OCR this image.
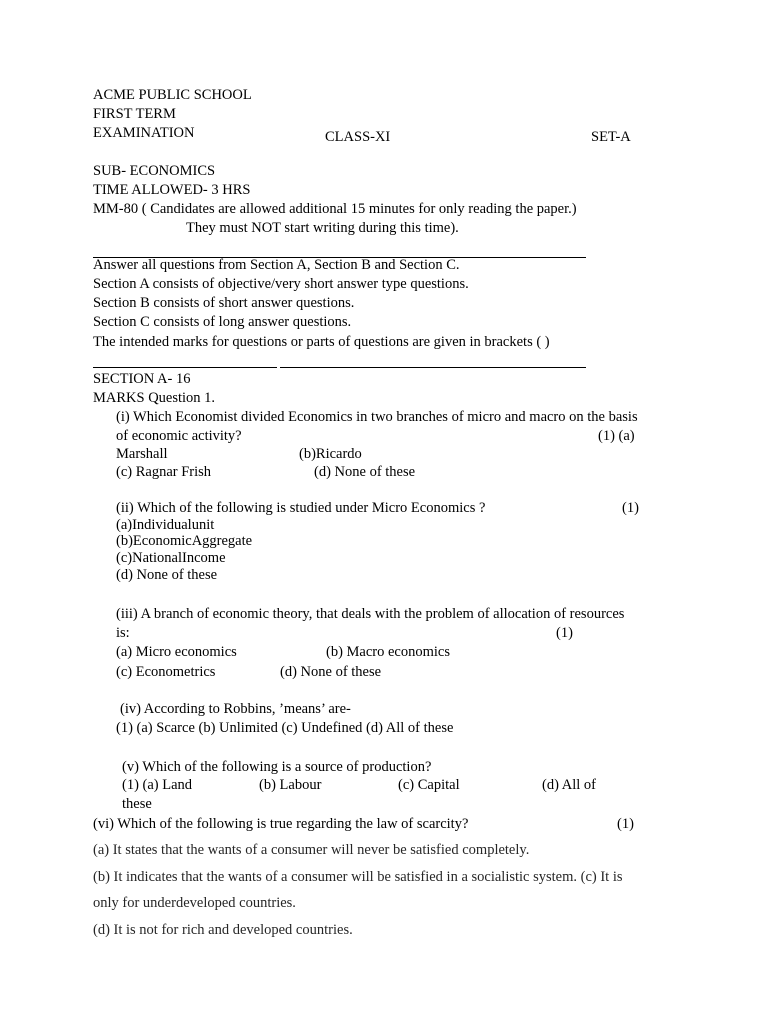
ACME PUBLIC SCHOOL
FIRST TERM
EXAMINATION	CLASS-XI	SET-A
SUB- ECONOMICS
TIME ALLOWED- 3 HRS
MM-80 ( Candidates are allowed additional 15 minutes for only reading the paper.)
They must NOT start writing during this time).
Answer all questions from Section A, Section B and Section C.
Section A consists of objective/very short answer type questions.
Section B consists of short answer questions.
Section C consists of long answer questions.
The intended marks for questions or parts of questions are given in brackets ( )
SECTION A- 16
MARKS Question 1.
(i) Which Economist divided Economics in two branches of micro and macro on the basis
of economic activity?	(1) (a)
Marshall	(b)Ricardo
(c) Ragnar Frish	(d) None of these
(ii) Which of the following is studied under Micro Economics ?	(1)
(a)Individualunit
(b)EconomicAggregate
(c)NationalIncome
(d) None of these
(iii) A branch of economic theory, that deals with the problem of allocation of resources
is:	(1)
(a) Micro economics	(b) Macro economics
(c) Econometrics	(d) None of these
(iv) According to Robbins, ’means’ are-
(1) (a) Scarce (b) Unlimited (c) Undefined (d) All of these
(v) Which of the following is a source of production?
(1) (a) Land	(b) Labour	(c) Capital	(d) All of
these
(vi) Which of the following is true regarding the law of scarcity?	(1)
(a) It states that the wants of a consumer will never be satisfied completely.
(b) It indicates that the wants of a consumer will be satisfied in a socialistic system. (c) It is
only for underdeveloped countries.
(d) It is not for rich and developed countries.
